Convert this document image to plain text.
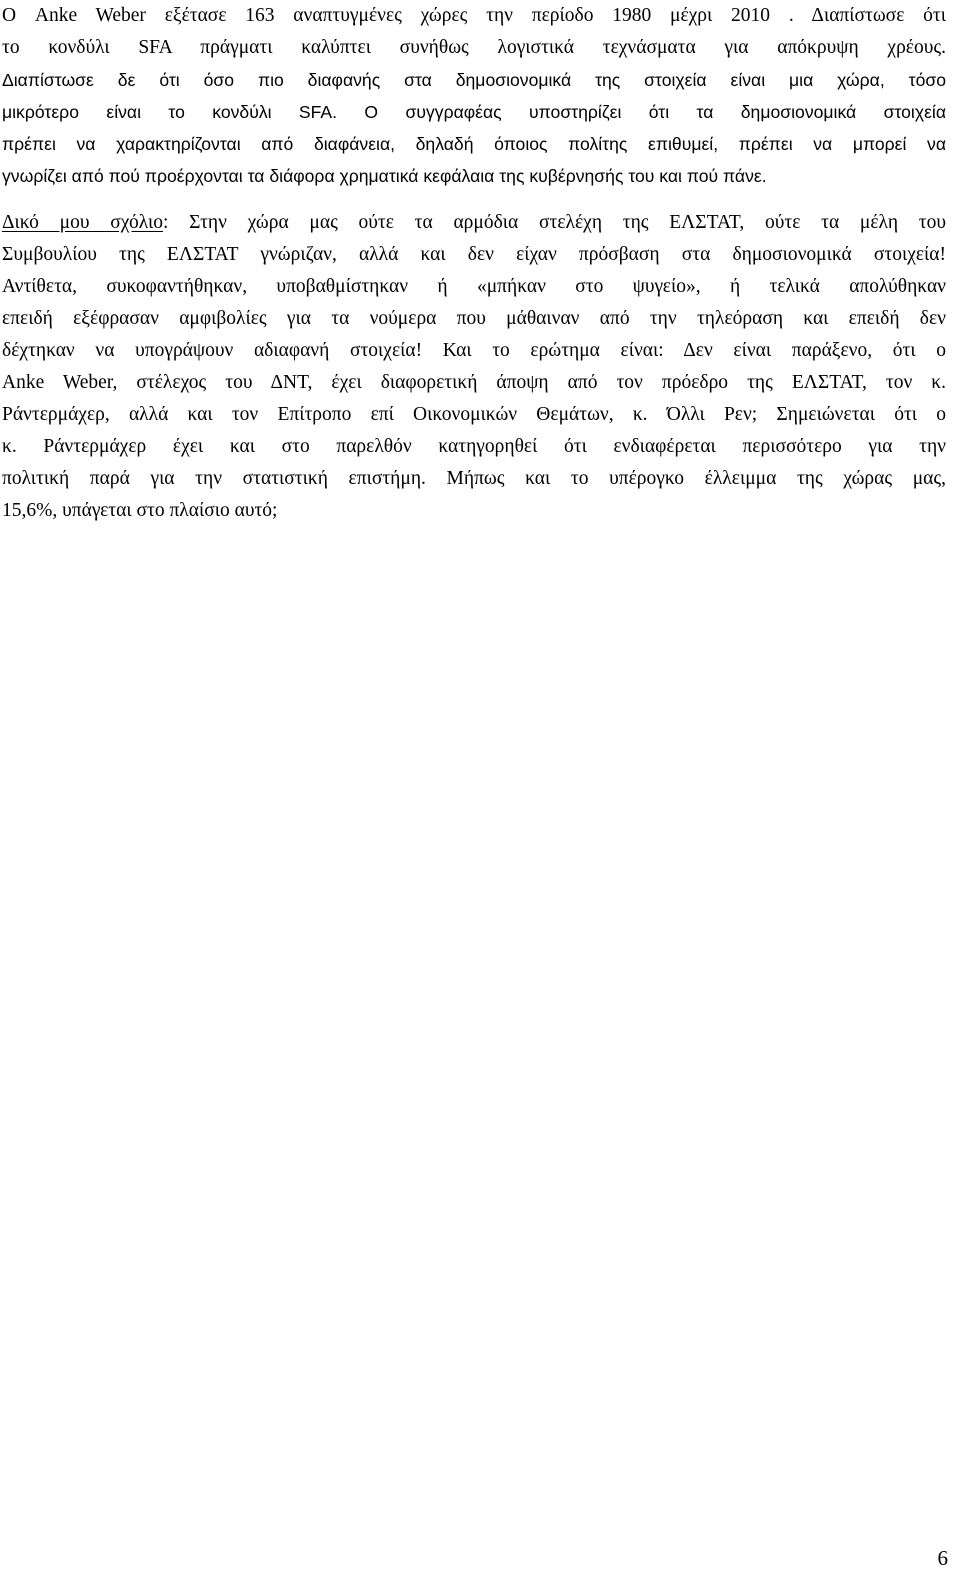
Ο Anke Weber εξέτασε 163 αναπτυγμένες χώρες την περίοδο 1980 μέχρι 2010 . Διαπίστωσε ότι
το κονδύλι SFA πράγματι καλύπτει συνήθως λογιστικά τεχνάσματα για απόκρυψη χρέους.
Διαπίστωσε δε ότι όσο πιο διαφανής στα δημοσιονομικά της στοιχεία είναι μια χώρα, τόσο
μικρότερο είναι το κονδύλι SFA. Ο συγγραφέας υποστηρίζει ότι τα δημοσιονομικά στοιχεία
πρέπει να χαρακτηρίζονται από διαφάνεια, δηλαδή όποιος πολίτης επιθυμεί, πρέπει να μπορεί να
γνωρίζει από πού προέρχονται τα διάφορα χρηματικά κεφάλαια της κυβέρνησής του και πού πάνε.
Δικό μου σχόλιο: Στην χώρα μας ούτε τα αρμόδια στελέχη της ΕΛΣΤΑΤ, ούτε τα μέλη του
Συμβουλίου της ΕΛΣΤΑΤ γνώριζαν, αλλά και δεν είχαν πρόσβαση στα δημοσιονομικά στοιχεία!
Αντίθετα, συκοφαντήθηκαν, υποβαθμίστηκαν ή «μπήκαν στο ψυγείο», ή τελικά απολύθηκαν
επειδή εξέφρασαν αμφιβολίες για τα νούμερα που μάθαιναν από την τηλεόραση και επειδή δεν
δέχτηκαν να υπογράψουν αδιαφανή στοιχεία! Και το ερώτημα είναι: Δεν είναι παράξενο, ότι ο
Anke Weber, στέλεχος του ΔΝΤ, έχει διαφορετική άποψη από τον πρόεδρο της ΕΛΣΤΑΤ, τον κ.
Ράντερμάχερ, αλλά και τον Επίτροπο επί Οικονομικών Θεμάτων, κ. Όλλι Ρεν; Σημειώνεται ότι ο
κ. Ράντερμάχερ έχει και στο παρελθόν κατηγορηθεί ότι ενδιαφέρεται περισσότερο για την
πολιτική παρά για την στατιστική επιστήμη. Μήπως και το υπέρογκο έλλειμμα της χώρας μας,
15,6%, υπάγεται στο πλαίσιο αυτό;
6
